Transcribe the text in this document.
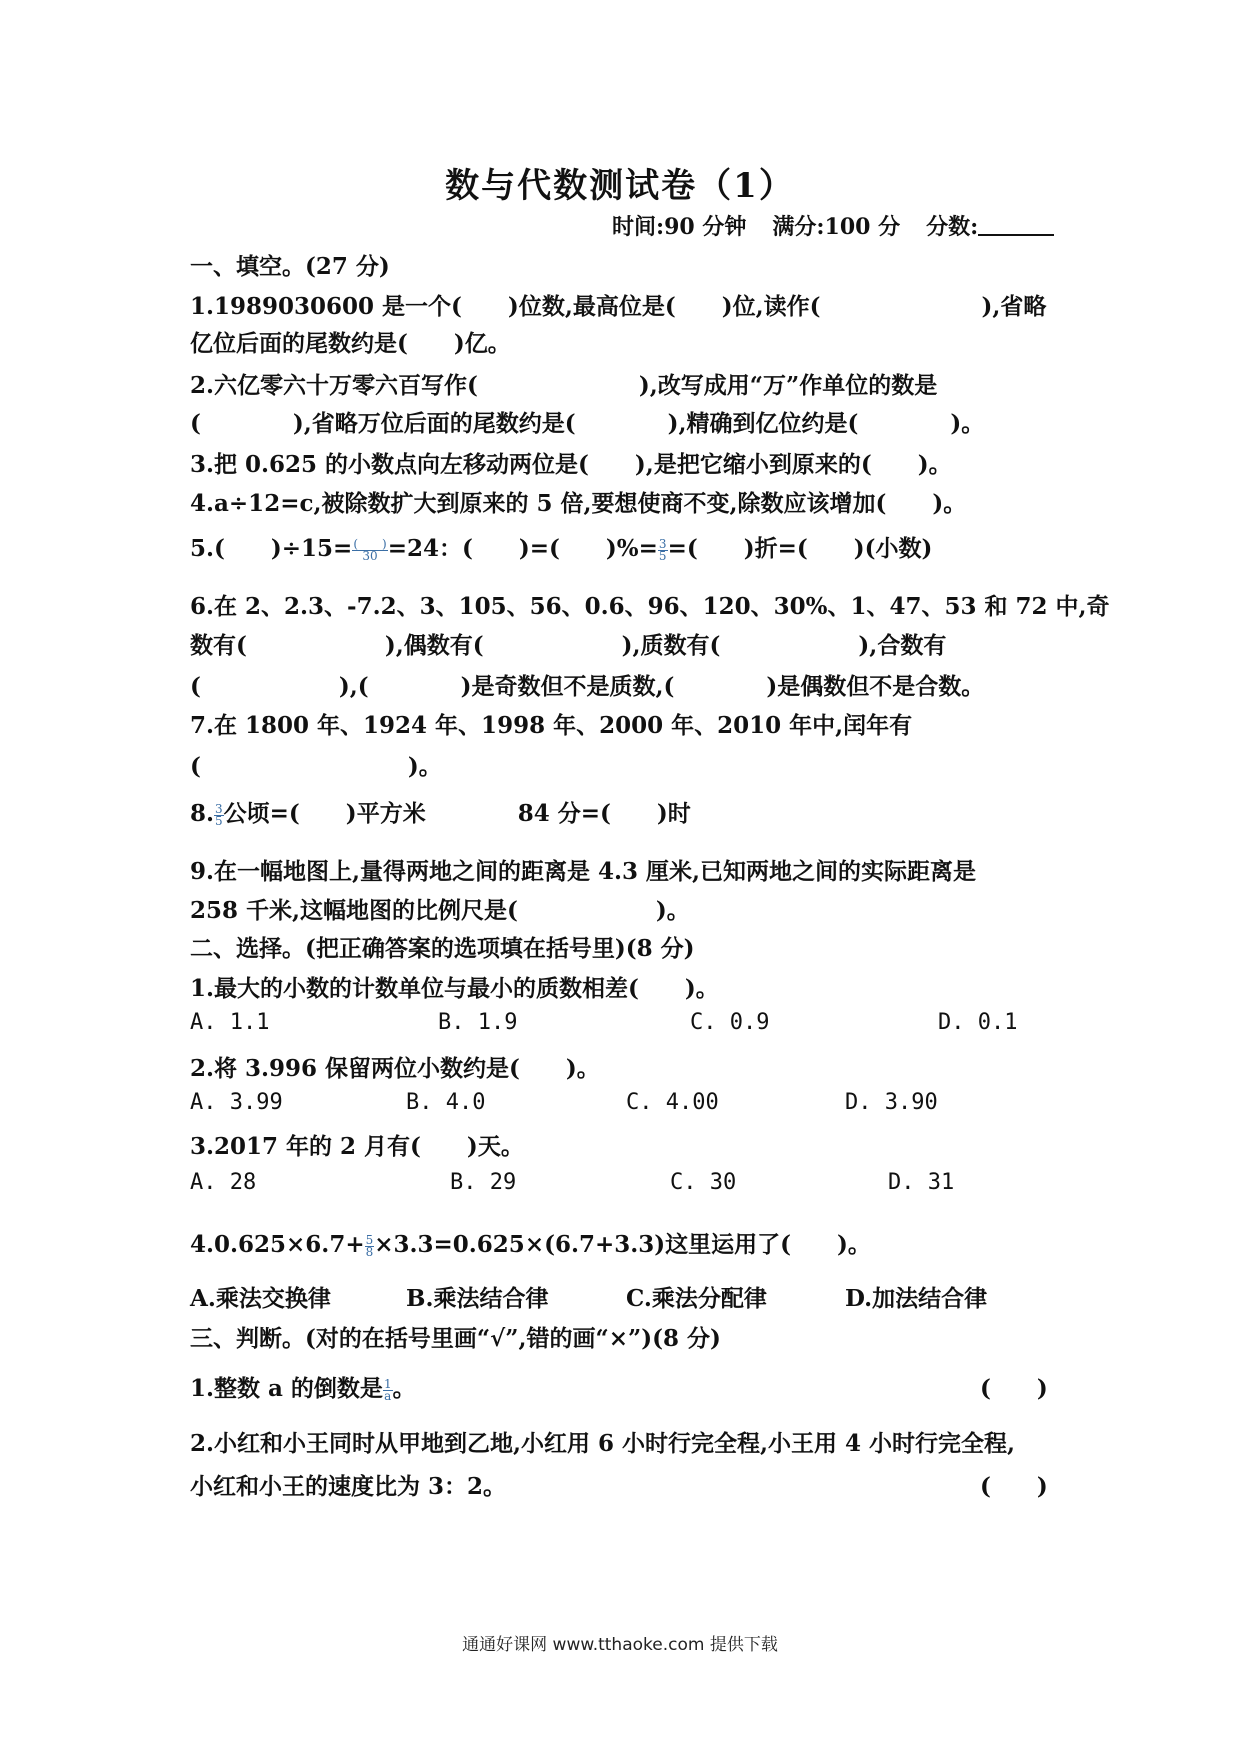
数与代数测试卷（1）
时间:90 分钟 满分:100 分 分数:
一、填空。(27 分)
1.1989030600 是一个(　　)位数,最高位是(　　)位,读作(　　　　　　　),省略
亿位后面的尾数约是(　　)亿。
2.六亿零六十万零六百写作(　　　　　　　),改写成用“万”作单位的数是
(　　　　),省略万位后面的尾数约是(　　　　),精确到亿位约是(　　　　)。
3.把 0.625 的小数点向左移动两位是(　　),是把它缩小到原来的(　　)。
4.a÷12=c,被除数扩大到原来的 5 倍,要想使商不变,除数应该增加(　　)。
5.(　　)$\div 15= \frac{( )}{30} =24$：(　　)=(　　)%= $\frac{3}{5}$ =(　　)折=(　　)(小数)
6.在 2、2.3、-7.2、3、105、56、0.6、96、120、30%、1、47、53 和 72 中,奇
数有(　　　　　　),偶数有(　　　　　　),质数有(　　　　　　),合数有
(　　　　　　),(　　　　)是奇数但不是质数,(　　　　)是偶数但不是合数。
7.在 1800 年、1924 年、1998 年、2000 年、2010 年中,闰年有
(　　　　　　　　　)。
8. $\frac{3}{5}$ 公顷=(　　)平方米　　　　84 分=(　　)时
9.在一幅地图上,量得两地之间的距离是 4.3 厘米,已知两地之间的实际距离是
258 千米,这幅地图的比例尺是(　　　　　　)。
二、选择。(把正确答案的选项填在括号里)(8 分)
1.最大的小数的计数单位与最小的质数相差(　　)。
A. 1.1	B. 1.9	C. 0.9	D. 0.1
2.将 3.996 保留两位小数约是(　　)。
A. 3.99	B. 4.0	C. 4.00	D. 3.90
3.2017 年的 2 月有(　　)天。
A. 28	B. 29	C. 30	D. 31
$4.0.625\times 6.7+ \frac{5}{8} \times 3.3=0.625\times(6.7+3.3)$这里运用了(　　)。
A.乘法交换律	B.乘法结合律	C.乘法分配律	D.加法结合律
三、判断。(对的在括号里画“√”,错的画“×”)(8 分)
1.整数 a 的倒数是 $\frac{1}{a}$ 。	(　　)
2.小红和小王同时从甲地到乙地,小红用 6 小时行完全程,小王用 4 小时行完全程,
小红和小王的速度比为 3：2。	(　　)
通通好课网 www.tthaoke.com 提供下载
